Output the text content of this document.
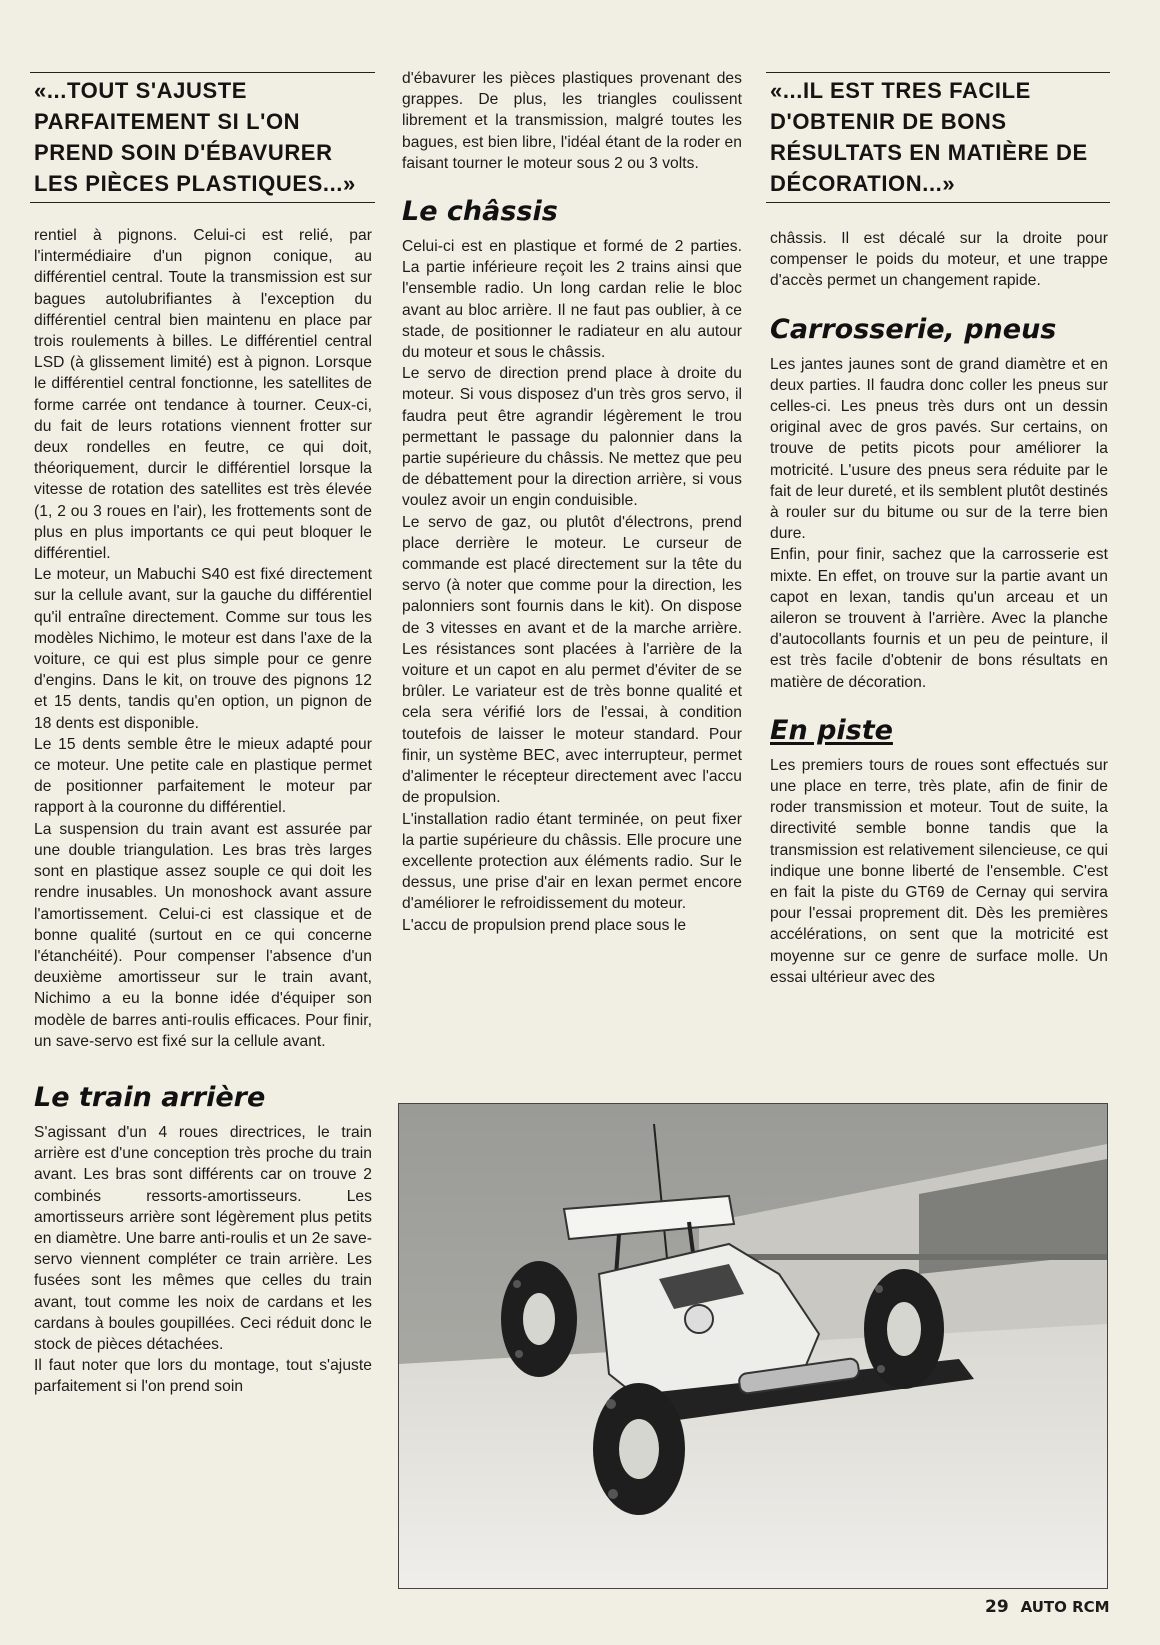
«...TOUT S'AJUSTE PARFAITEMENT SI L'ON PREND SOIN D'ÉBAVURER LES PIÈCES PLASTIQUES...»

rentiel à pignons. Celui-ci est relié, par l'intermédiaire d'un pignon conique, au différentiel central. Toute la transmission est sur bagues autolubrifiantes à l'exception du différentiel central bien maintenu en place par trois roulements à billes. Le différentiel central LSD (à glissement limité) est à pignon. Lorsque le différentiel central fonctionne, les satellites de forme carrée ont tendance à tourner. Ceux-ci, du fait de leurs rotations viennent frotter sur deux rondelles en feutre, ce qui doit, théoriquement, durcir le différentiel lorsque la vitesse de rotation des satellites est très élevée (1, 2 ou 3 roues en l'air), les frottements sont de plus en plus importants ce qui peut bloquer le différentiel.

Le moteur, un Mabuchi S40 est fixé directement sur la cellule avant, sur la gauche du différentiel qu'il entraîne directement. Comme sur tous les modèles Nichimo, le moteur est dans l'axe de la voiture, ce qui est plus simple pour ce genre d'engins. Dans le kit, on trouve des pignons 12 et 15 dents, tandis qu'en option, un pignon de 18 dents est disponible.

Le 15 dents semble être le mieux adapté pour ce moteur. Une petite cale en plastique permet de positionner parfaitement le moteur par rapport à la couronne du différentiel.

La suspension du train avant est assurée par une double triangulation. Les bras très larges sont en plastique assez souple ce qui doit les rendre inusables. Un monoshock avant assure l'amortissement. Celui-ci est classique et de bonne qualité (surtout en ce qui concerne l'étanchéité). Pour compenser l'absence d'un deuxième amortisseur sur le train avant, Nichimo a eu la bonne idée d'équiper son modèle de barres anti-roulis efficaces. Pour finir, un save-servo est fixé sur la cellule avant.

Le train arrière

S'agissant d'un 4 roues directrices, le train arrière est d'une conception très proche du train avant. Les bras sont différents car on trouve 2 combinés ressorts-amortisseurs. Les amortisseurs arrière sont légèrement plus petits en diamètre. Une barre anti-roulis et un 2e save-servo viennent compléter ce train arrière. Les fusées sont les mêmes que celles du train avant, tout comme les noix de cardans et les cardans à boules goupillées. Ceci réduit donc le stock de pièces détachées.

Il faut noter que lors du montage, tout s'ajuste parfaitement si l'on prend soin

d'ébavurer les pièces plastiques provenant des grappes. De plus, les triangles coulissent librement et la transmission, malgré toutes les bagues, est bien libre, l'idéal étant de la roder en faisant tourner le moteur sous 2 ou 3 volts.

Le châssis

Celui-ci est en plastique et formé de 2 parties. La partie inférieure reçoit les 2 trains ainsi que l'ensemble radio. Un long cardan relie le bloc avant au bloc arrière. Il ne faut pas oublier, à ce stade, de positionner le radiateur en alu autour du moteur et sous le châssis.

Le servo de direction prend place à droite du moteur. Si vous disposez d'un très gros servo, il faudra peut être agrandir légèrement le trou permettant le passage du palonnier dans la partie supérieure du châssis. Ne mettez que peu de débattement pour la direction arrière, si vous voulez avoir un engin conduisible.

Le servo de gaz, ou plutôt d'électrons, prend place derrière le moteur. Le curseur de commande est placé directement sur la tête du servo (à noter que comme pour la direction, les palonniers sont fournis dans le kit). On dispose de 3 vitesses en avant et de la marche arrière. Les résistances sont placées à l'arrière de la voiture et un capot en alu permet d'éviter de se brûler. Le variateur est de très bonne qualité et cela sera vérifié lors de l'essai, à condition toutefois de laisser le moteur standard. Pour finir, un système BEC, avec interrupteur, permet d'alimenter le récepteur directement avec l'accu de propulsion.

L'installation radio étant terminée, on peut fixer la partie supérieure du châssis. Elle procure une excellente protection aux éléments radio. Sur le dessus, une prise d'air en lexan permet encore d'améliorer le refroidissement du moteur.

L'accu de propulsion prend place sous le

«...IL EST TRES FACILE D'OBTENIR DE BONS RÉSULTATS EN MATIÈRE DE DÉCORATION...»

châssis. Il est décalé sur la droite pour compenser le poids du moteur, et une trappe d'accès permet un changement rapide.

Carrosserie, pneus

Les jantes jaunes sont de grand diamètre et en deux parties. Il faudra donc coller les pneus sur celles-ci. Les pneus très durs ont un dessin original avec de gros pavés. Sur certains, on trouve de petits picots pour améliorer la motricité. L'usure des pneus sera réduite par le fait de leur dureté, et ils semblent plutôt destinés à rouler sur du bitume ou sur de la terre bien dure.

Enfin, pour finir, sachez que la carrosserie est mixte. En effet, on trouve sur la partie avant un capot en lexan, tandis qu'un arceau et un aileron se trouvent à l'arrière. Avec la planche d'autocollants fournis et un peu de peinture, il est très facile d'obtenir de bons résultats en matière de décoration.

En piste

Les premiers tours de roues sont effectués sur une place en terre, très plate, afin de finir de roder transmission et moteur. Tout de suite, la directivité semble bonne tandis que la transmission est relativement silencieuse, ce qui indique une bonne liberté de l'ensemble. C'est en fait la piste du GT69 de Cernay qui servira pour l'essai proprement dit. Dès les premières accélérations, on sent que la motricité est moyenne sur ce genre de surface molle. Un essai ultérieur avec des

29 AUTO RCM
